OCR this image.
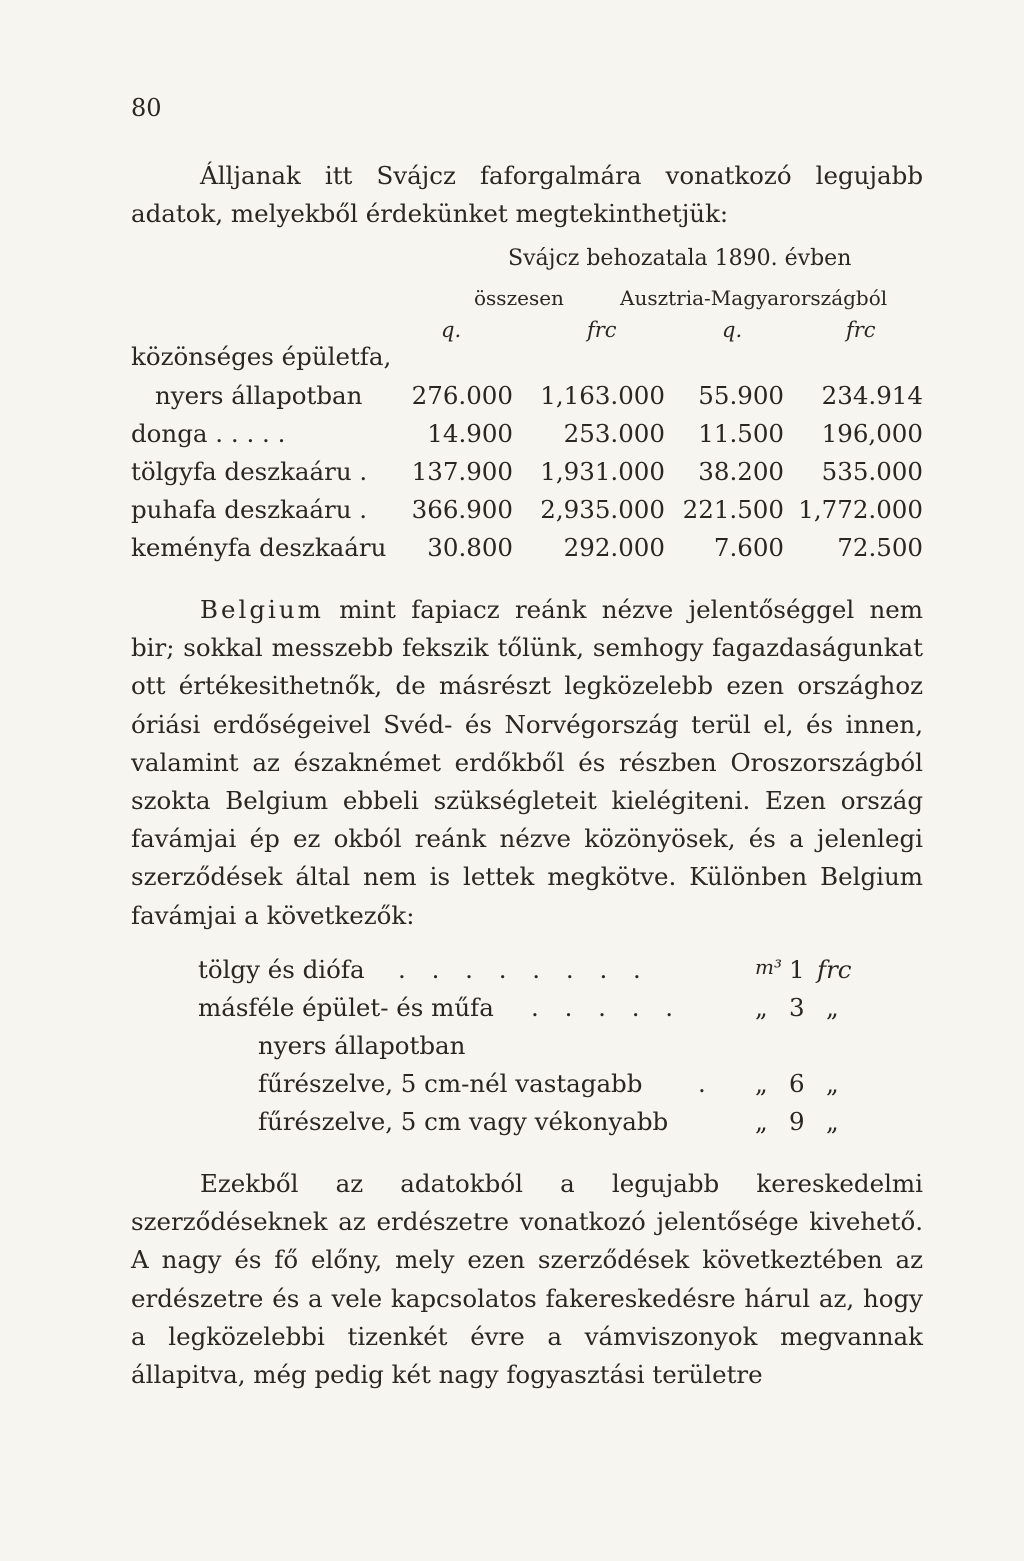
80

Álljanak itt Svájcz faforgalmára vonatkozó legujabb adatok, melyekből érdekünket megtekinthetjük:

Svájcz behozatala 1890. évben
összesen	Ausztria-Magyarországból
q.	frc	q.	frc
közönséges épületfa,
nyers állapotban 276.000 1,163.000 55.900 234.914
donga . . . . .	14.900 253.000 11.500 196,000
tölgyfa deszkaáru . 137.900 1,931.000 38.200 535.000
puhafa deszkaáru . 366.900 2,935.000 221.500 1,772.000
keményfa deszkaáru 30.800 292.000 7.600 72.500

Belgium mint fapiacz reánk nézve jelentőséggel nem bir; sokkal messzebb fekszik tőlünk, semhogy fagazdaságunkat ott értékesithetnők, de másrészt legközelebb ezen országhoz óriási erdőségeivel Svéd- és Norvégország terül el, és innen, valamint az északnémet erdőkből és részben Oroszországból szokta Belgium ebbeli szükségleteit kielégiteni. Ezen ország favámjai ép ez okból reánk nézve közönyösek, és a jelenlegi szerződések által nem is lettek megkötve. Különben Belgium favámjai a következők:

tölgy és diófa . . . . . . . .	m³ 1 frc
másféle épület- és műfa . . . . .	„ 3 „
nyers állapotban
fűrészelve, 5 cm-nél vastagabb . „ 6 „
fűrészelve, 5 cm vagy vékonyabb	„ 9 „

Ezekből az adatokból a legujabb kereskedelmi szerződéseknek az erdészetre vonatkozó jelentősége kivehető. A nagy és fő előny, mely ezen szerződések következtében az erdészetre és a vele kapcsolatos fakereskedésre hárul az, hogy a legközelebbi tizenkét évre a vámviszonyok megvannak állapitva, még pedig két nagy fogyasztási területre
